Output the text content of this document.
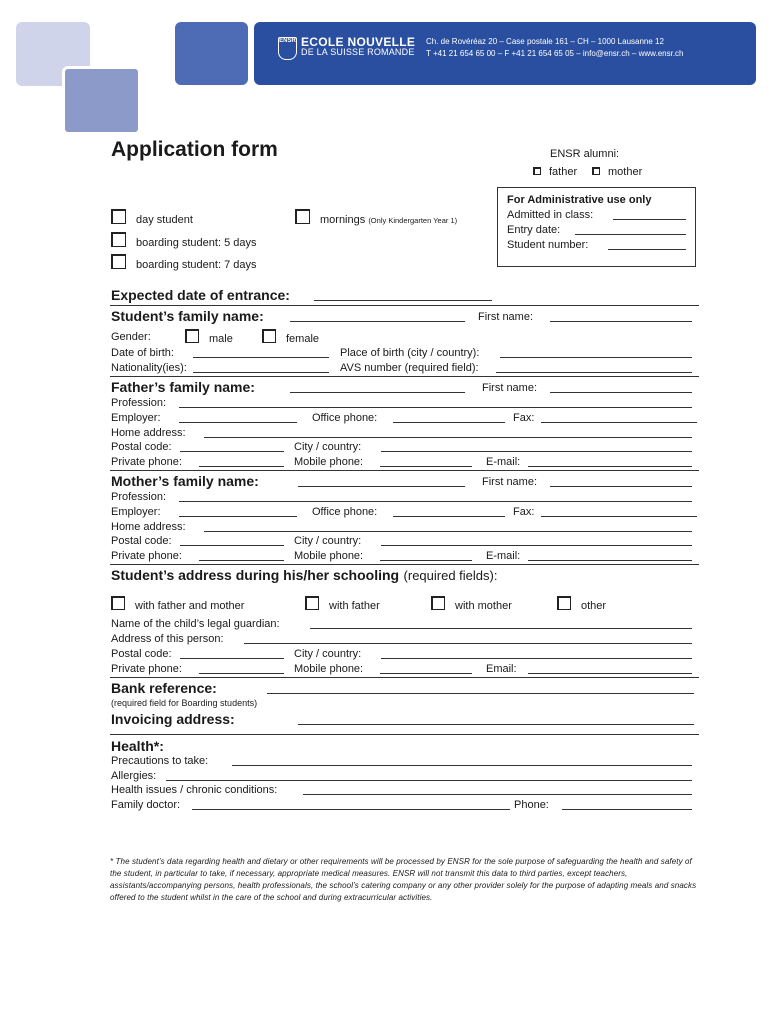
ENSR ECOLE NOUVELLE
DE LA SUISSE ROMANDE
Ch. de Rovéréaz 20 – Case postale 161 – CH – 1000 Lausanne 12
T +41 21 654 65 00 – F +41 21 654 65 05 – info@ensr.ch – www.ensr.ch
Application form	ENSR alumni:
father	mother
For Administrative use only
Admitted in class:
Entry date:
Student number:
day student
boarding student: 5 days
boarding student: 7 days
mornings (Only Kindergarten Year 1)
Expected date of entrance:
Student’s family name:	First name:
Gender:	male	female
Date of birth:	Place of birth (city / country):
Nationality(ies):	AVS number (required field):
Father’s family name:	First name:
Profession:
Employer:	Office phone:	Fax:
Home address:
Postal code:	City / country:
Private phone:	Mobile phone:	E-mail:
Mother’s family name:	First name:
Profession:
Employer:	Office phone:	Fax:
Home address:
Postal code:	City / country:
Private phone:	Mobile phone:	E-mail:
Student’s address during his/her schooling (required fields):
with father and mother	with father	with mother	other
Name of the child’s legal guardian:
Address of this person:
Postal code:	City / country:
Private phone:	Mobile phone:	Email:
Bank reference:
(required field for Boarding students)
Invoicing address:
Health*:
Precautions to take:
Allergies:
Health issues / chronic conditions:
Family doctor:	Phone:
* The student’s data regarding health and dietary or other requirements will be processed by ENSR for the sole purpose of safeguarding the health and safety of the student, in particular to take, if necessary, appropriate medical measures. ENSR will not transmit this data to third parties, except teachers, assistants/accompanying persons, health professionals, the school’s catering company or any other provider solely for the purpose of adapting meals and snacks offered to the student whilst in the care of the school and during extracurricular activities.
